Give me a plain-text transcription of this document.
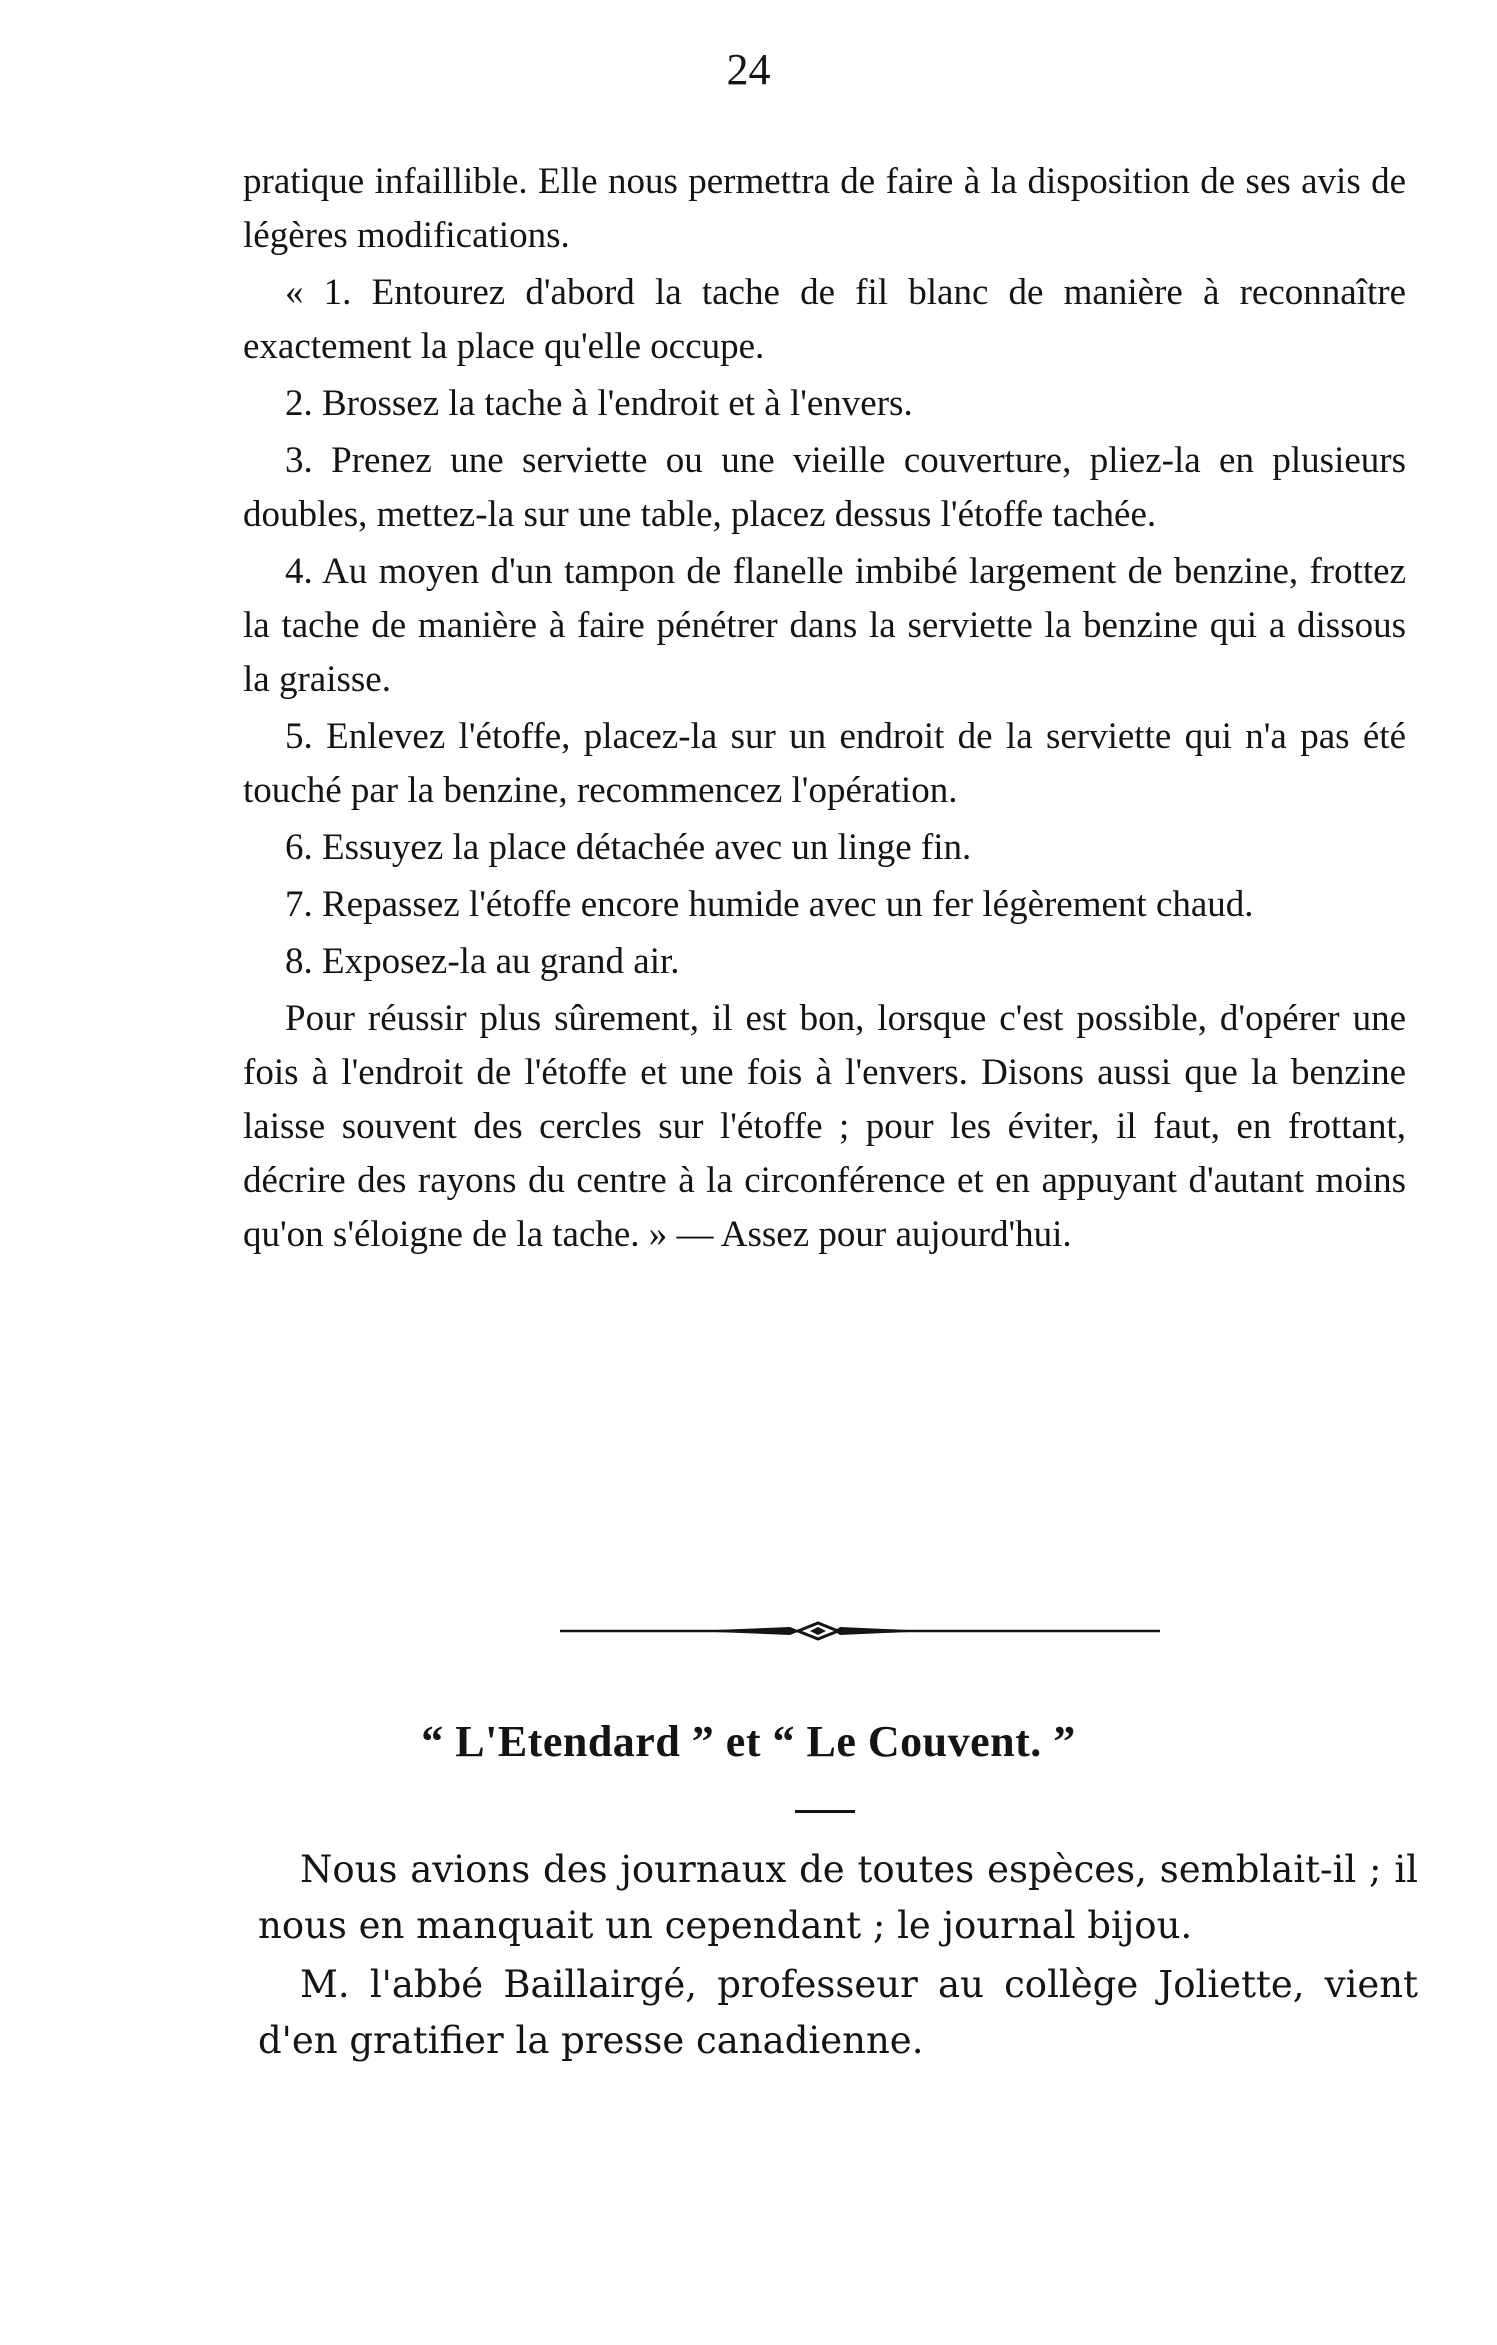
24

pratique infaillible. Elle nous permettra de faire à la disposition de ses avis de légères modifications.

« 1. Entourez d'abord la tache de fil blanc de manière à reconnaître exactement la place qu'elle occupe.

2. Brossez la tache à l'endroit et à l'envers.

3. Prenez une serviette ou une vieille couverture, pliez-la en plusieurs doubles, mettez-la sur une table, placez dessus l'étoffe tachée.

4. Au moyen d'un tampon de flanelle imbibé largement de benzine, frottez la tache de manière à faire pénétrer dans la serviette la benzine qui a dissous la graisse.

5. Enlevez l'étoffe, placez-la sur un endroit de la serviette qui n'a pas été touché par la benzine, recommencez l'opération.

6. Essuyez la place détachée avec un linge fin.

7. Repassez l'étoffe encore humide avec un fer légèrement chaud.

8. Exposez-la au grand air.

Pour réussir plus sûrement, il est bon, lorsque c'est possible, d'opérer une fois à l'endroit de l'étoffe et une fois à l'envers. Disons aussi que la benzine laisse souvent des cercles sur l'étoffe ; pour les éviter, il faut, en frottant, décrire des rayons du centre à la circonférence et en appuyant d'autant moins qu'on s'éloigne de la tache. » — Assez pour aujourd'hui.

“ L'Etendard ” et “ Le Couvent. ”

Nous avions des journaux de toutes espèces, semblait-il ; il nous en manquait un cependant ; le journal bijou.

M. l'abbé Baillairgé, professeur au collège Joliette, vient d'en gratifier la presse canadienne.
